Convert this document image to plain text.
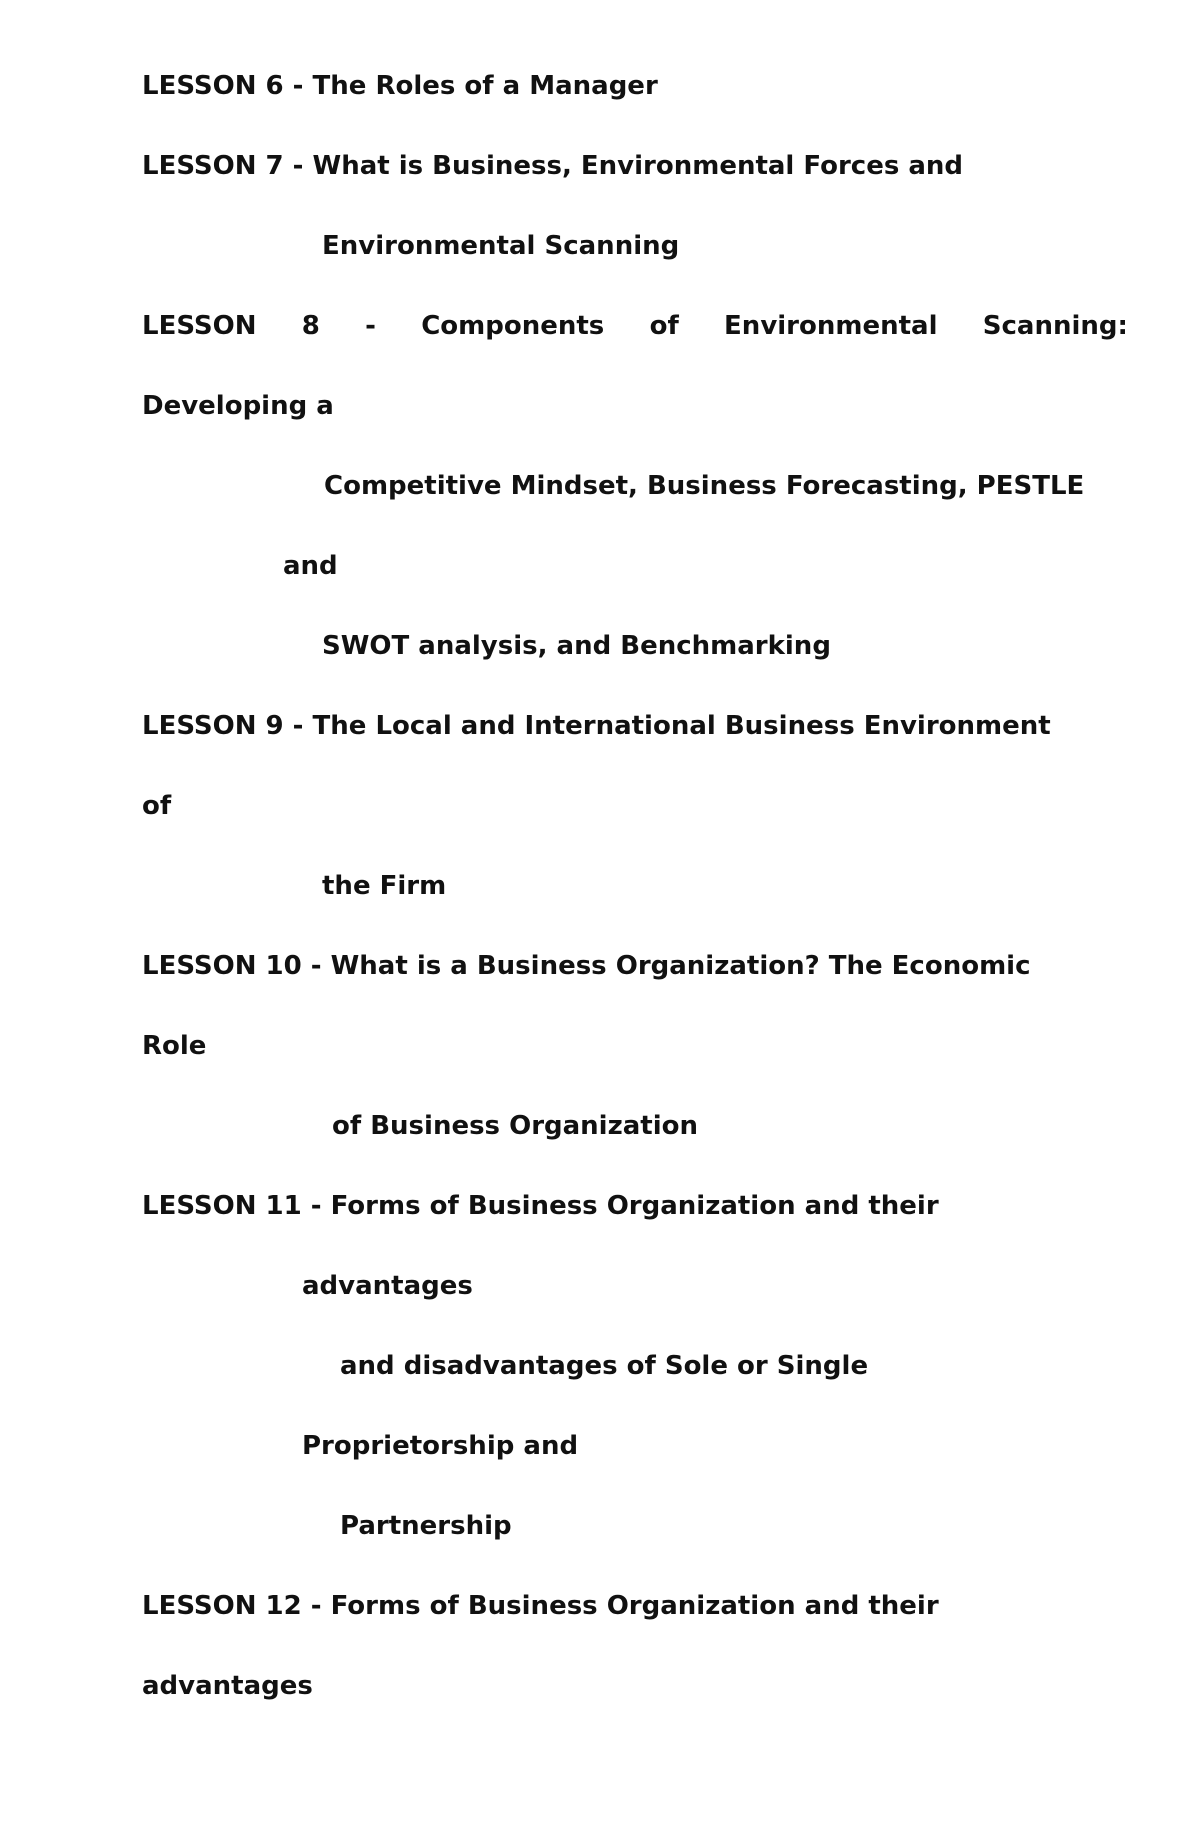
LESSON 6 - The Roles of a Manager

LESSON 7 - What is Business, Environmental Forces and

Environmental Scanning

LESSON 8 - Components of Environmental Scanning:

Developing a

Competitive Mindset, Business Forecasting, PESTLE

and

SWOT analysis, and Benchmarking

LESSON 9 - The Local and International Business Environment

of

the Firm

LESSON 10 - What is a Business Organization? The Economic

Role

of Business Organization

LESSON 11 - Forms of Business Organization and their

advantages

and disadvantages of Sole or Single

Proprietorship and

Partnership

LESSON 12 - Forms of Business Organization and their

advantages
